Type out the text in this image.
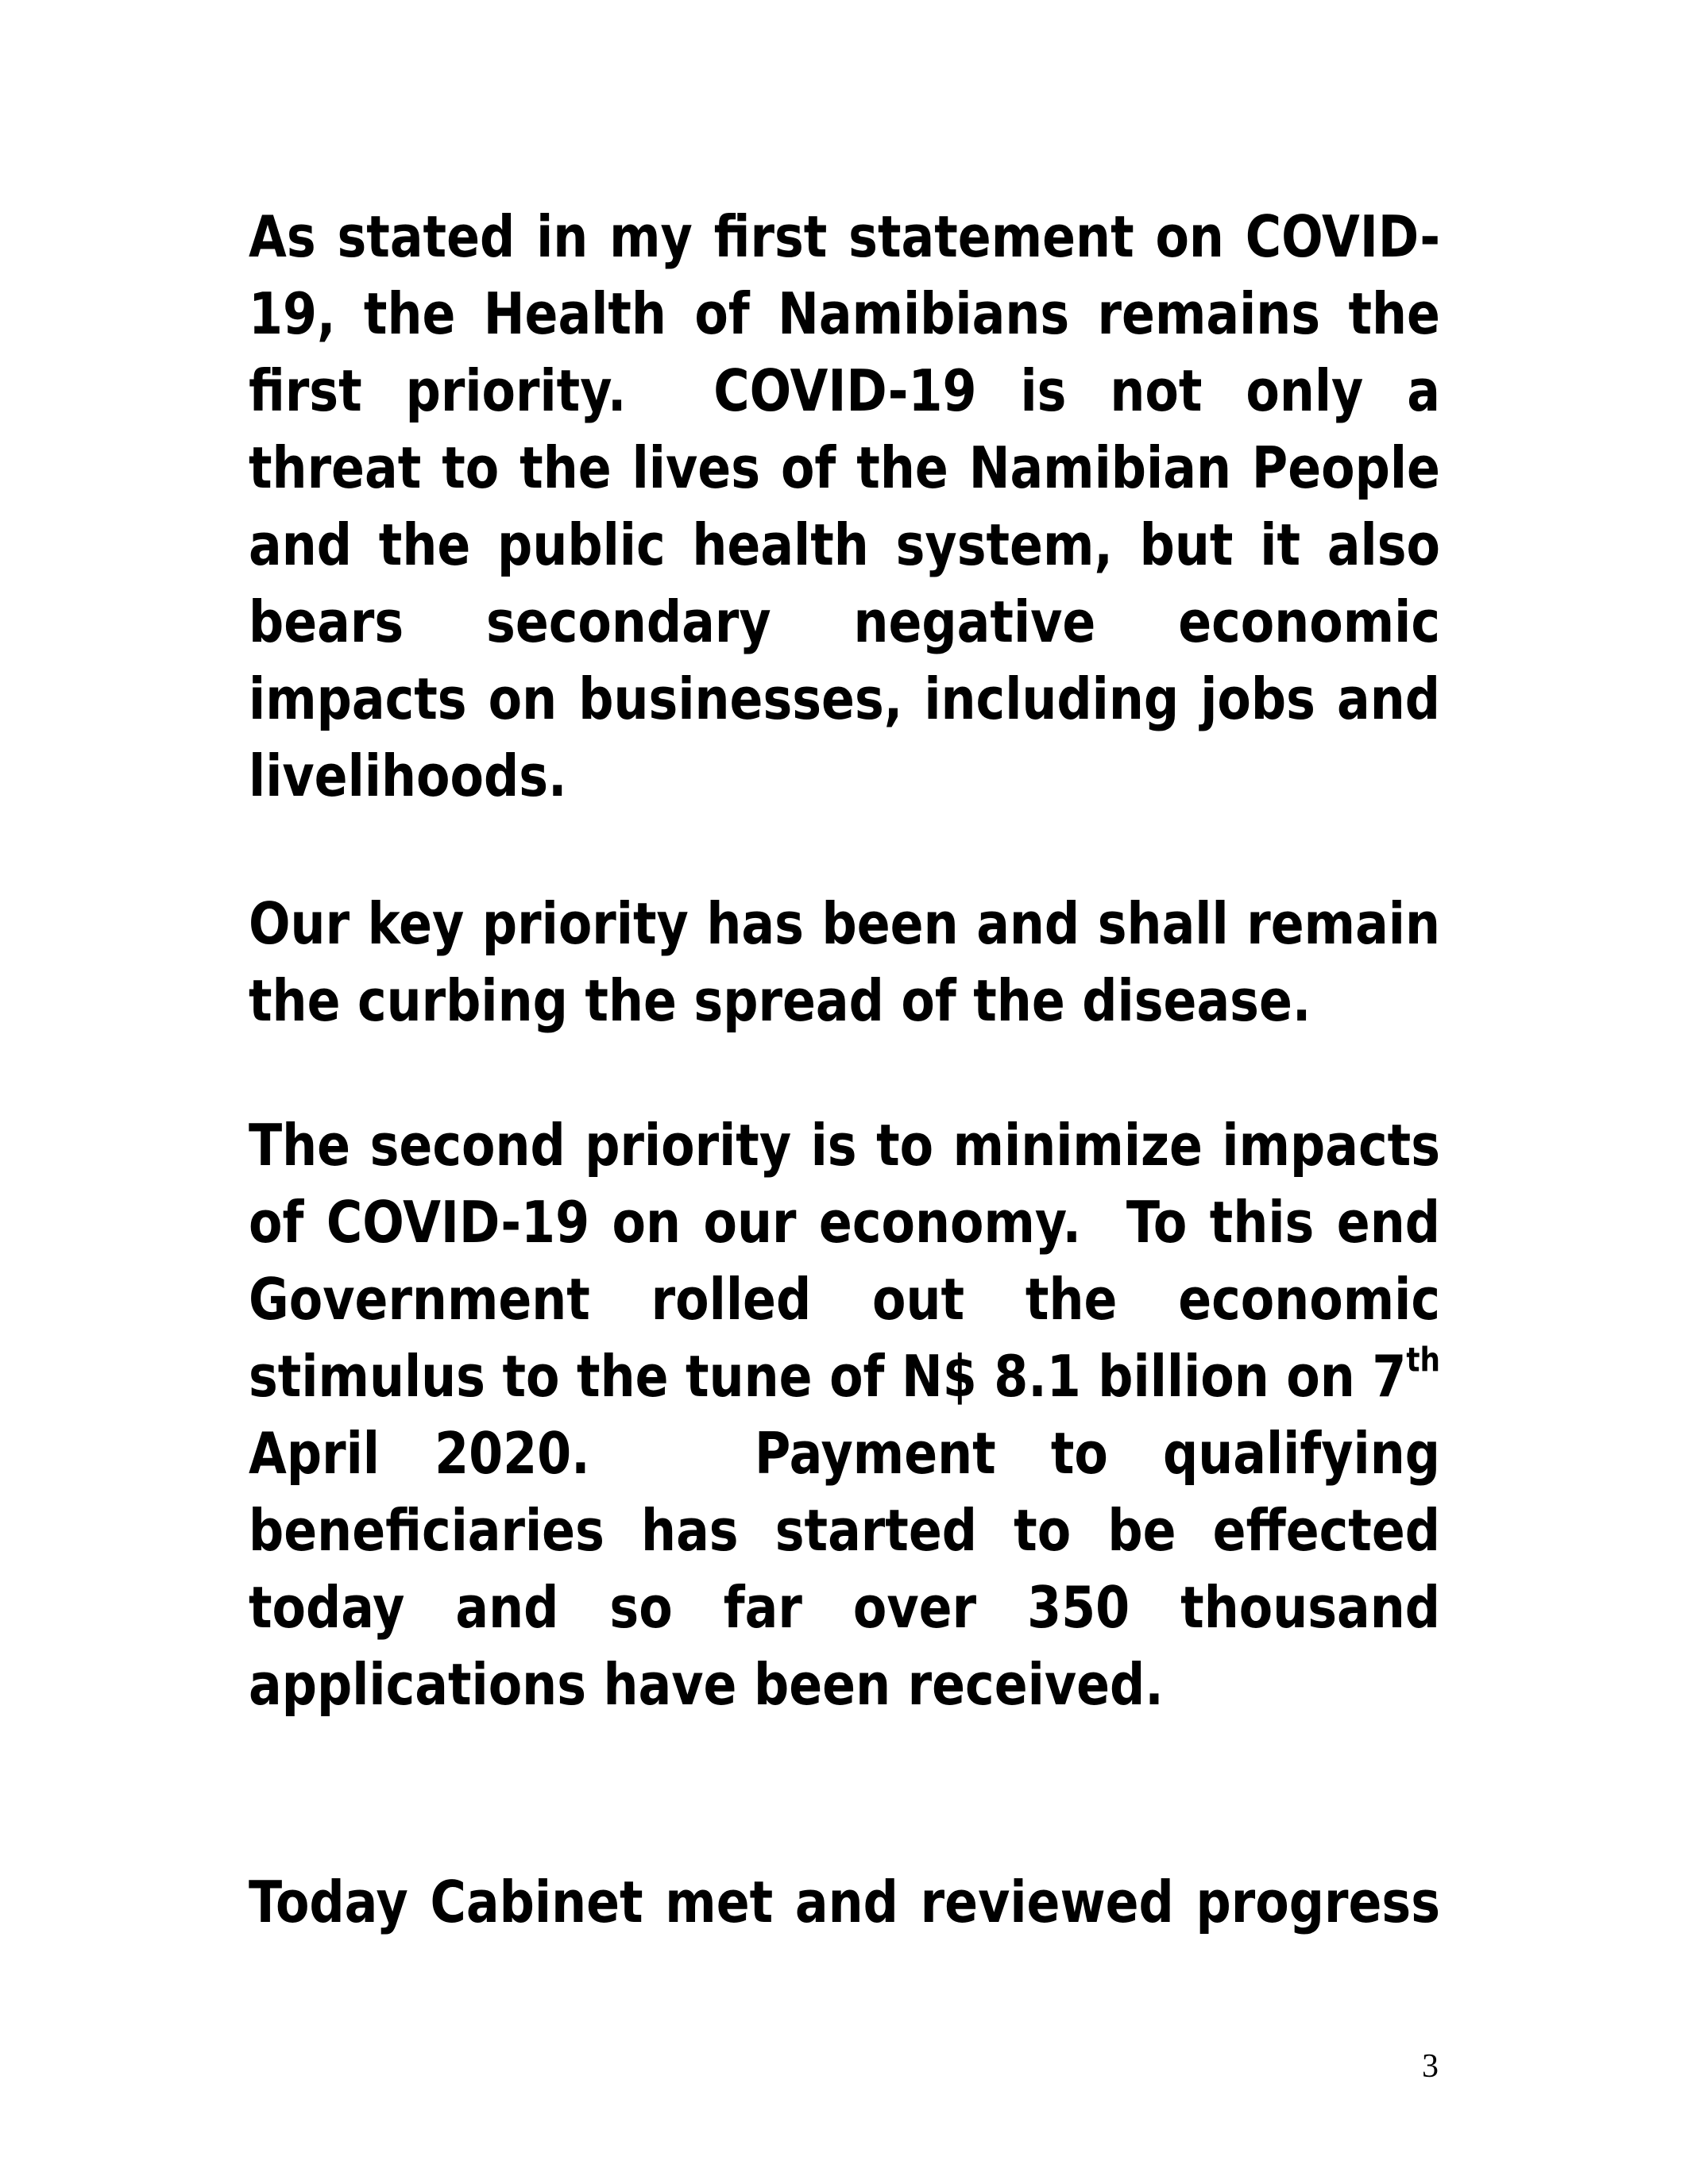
As stated in my first statement on COVID-
19, the Health of Namibians remains the
first priority.  COVID-19 is not only a
threat to the lives of the Namibian People
and the public health system, but it also
bears secondary negative economic
impacts on businesses, including jobs and
livelihoods.
Our key priority has been and shall remain
the curbing the spread of the disease.
The second priority is to minimize impacts
of COVID-19 on our economy.  To this end
Government rolled out the economic
stimulus to the tune of N$ 8.1 billion on 7th
April 2020.   Payment to qualifying
beneficiaries has started to be effected
today and so far over 350 thousand
applications have been received.
Today Cabinet met and reviewed progress
3
